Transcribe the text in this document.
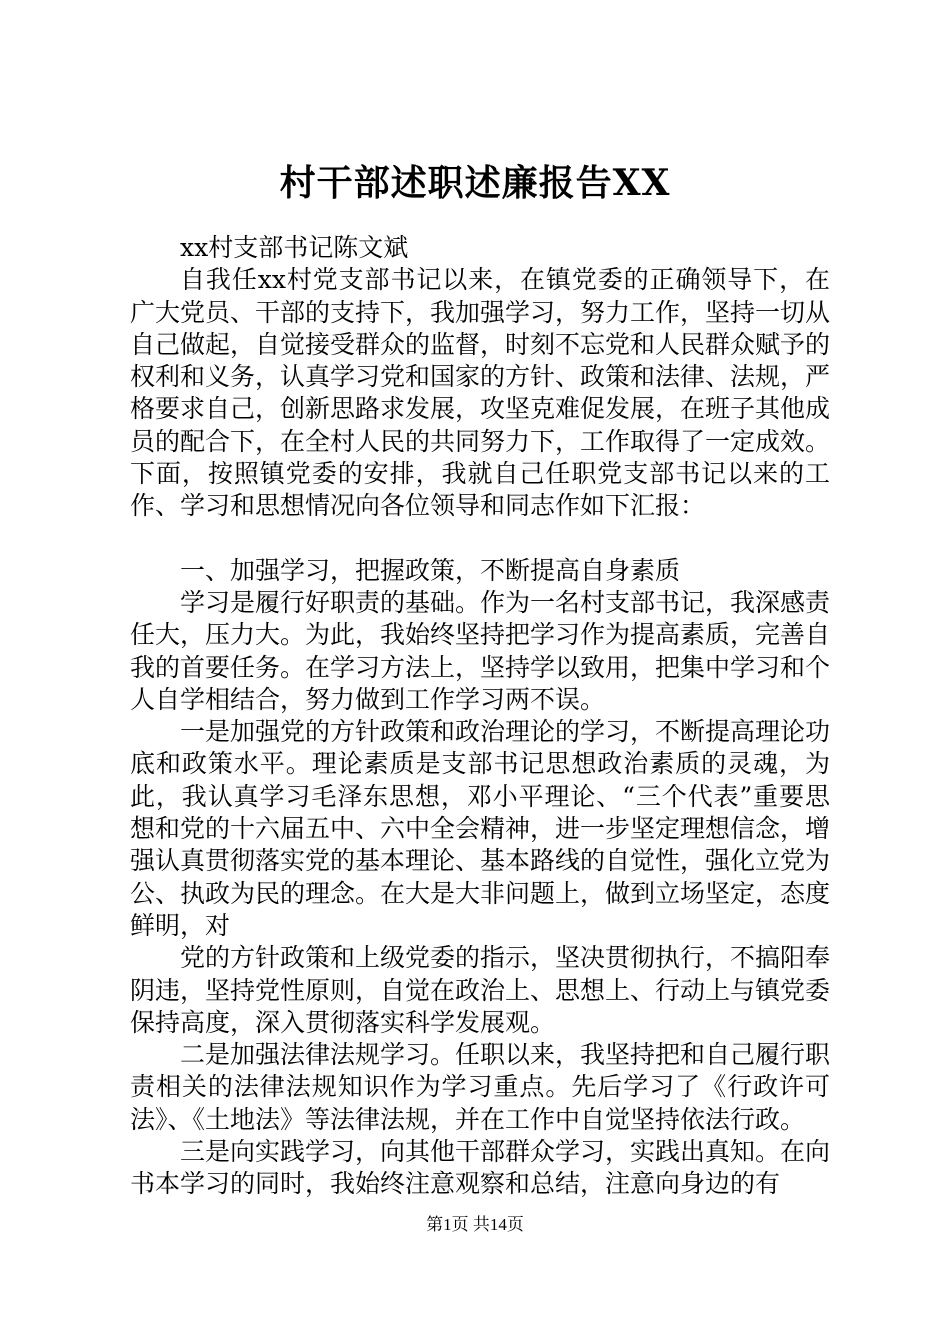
村干部述职述廉报告XX

xx村支部书记陈文斌

自我任xx村党支部书记以来，在镇党委的正确领导下，在广大党员、干部的支持下，我加强学习，努力工作，坚持一切从自己做起，自觉接受群众的监督，时刻不忘党和人民群众赋予的权利和义务，认真学习党和国家的方针、政策和法律、法规，严格要求自己，创新思路求发展，攻坚克难促发展，在班子其他成员的配合下，在全村人民的共同努力下，工作取得了一定成效。下面，按照镇党委的安排，我就自己任职党支部书记以来的工作、学习和思想情况向各位领导和同志作如下汇报：

一、加强学习，把握政策，不断提高自身素质

学习是履行好职责的基础。作为一名村支部书记，我深感责任大，压力大。为此，我始终坚持把学习作为提高素质，完善自我的首要任务。在学习方法上，坚持学以致用，把集中学习和个人自学相结合，努力做到工作学习两不误。

一是加强党的方针政策和政治理论的学习，不断提高理论功底和政策水平。理论素质是支部书记思想政治素质的灵魂，为此，我认真学习毛泽东思想，邓小平理论、“三个代表”重要思想和党的十六届五中、六中全会精神，进一步坚定理想信念，增强认真贯彻落实党的基本理论、基本路线的自觉性，强化立党为公、执政为民的理念。在大是大非问题上，做到立场坚定，态度鲜明，对

党的方针政策和上级党委的指示，坚决贯彻执行，不搞阳奉阴违，坚持党性原则，自觉在政治上、思想上、行动上与镇党委保持高度，深入贯彻落实科学发展观。

二是加强法律法规学习。任职以来，我坚持把和自己履行职责相关的法律法规知识作为学习重点。先后学习了《行政许可法》、《土地法》等法律法规，并在工作中自觉坚持依法行政。

三是向实践学习，向其他干部群众学习，实践出真知。在向书本学习的同时，我始终注意观察和总结，注意向身边的有

第1页 共14页
